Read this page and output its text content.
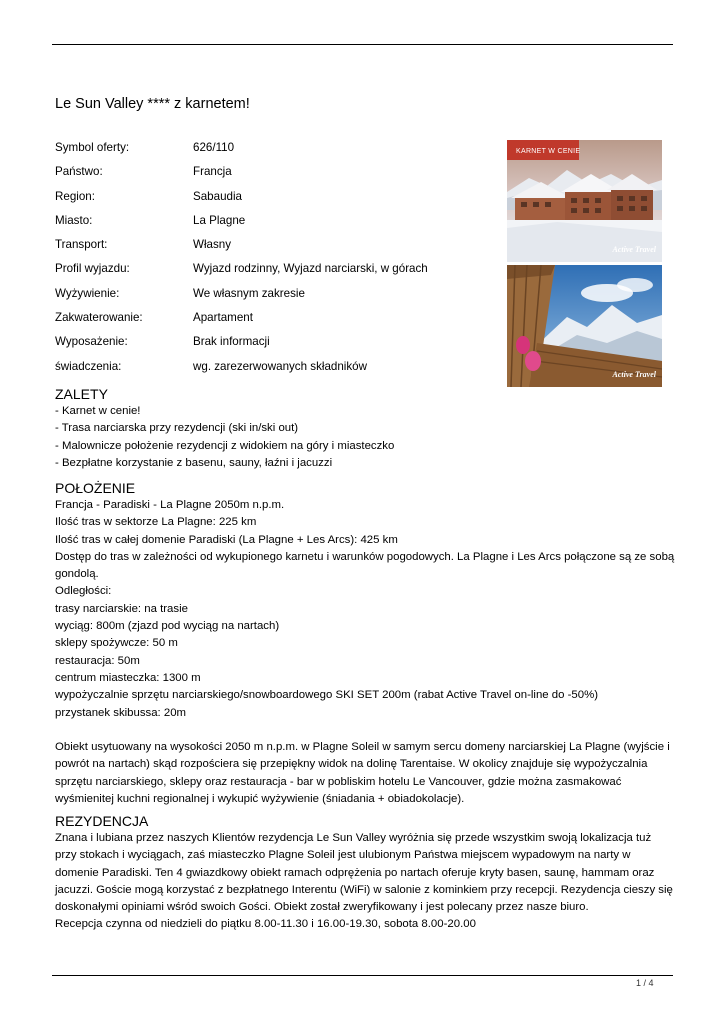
Le Sun Valley **** z karnetem!
Symbol oferty:	626/110
Państwo:	Francja
Region:	Sabaudia
Miasto:	La Plagne
Transport:	Własny
Profil wyjazdu:	Wyjazd rodzinny, Wyjazd narciarski, w górach
Wyżywienie:	We własnym zakresie
Zakwaterowanie:	Apartament
Wyposażenie:	Brak informacji
świadczenia:	wg. zarezerwowanych składników
KARNET W CENIE
Active Travel
Active Travel
ZALETY
- Karnet w cenie!
- Trasa narciarska przy rezydencji (ski in/ski out)
- Malownicze położenie rezydencji z widokiem na góry i miasteczko
- Bezpłatne korzystanie z basenu, sauny, łaźni i jacuzzi
POŁOŻENIE
Francja - Paradiski - La Plagne 2050m n.p.m.
Ilość tras w sektorze La Plagne: 225 km
Ilość tras w całej domenie Paradiski (La Plagne + Les Arcs): 425 km
Dostęp do tras w zależności od wykupionego karnetu i warunków pogodowych. La Plagne i Les Arcs połączone są ze sobą gondolą.
Odległości:
trasy narciarskie: na trasie
wyciąg: 800m (zjazd pod wyciąg na nartach)
sklepy spożywcze: 50 m
restauracja: 50m
centrum miasteczka: 1300 m
wypożyczalnie sprzętu narciarskiego/snowboardowego SKI SET 200m (rabat Active Travel on-line do -50%)
przystanek skibussa: 20m
Obiekt usytuowany na wysokości 2050 m n.p.m. w Plagne Soleil w samym sercu domeny narciarskiej La Plagne (wyjście i powrót na nartach) skąd rozpościera się przepiękny widok na dolinę Tarentaise. W okolicy znajduje się wypożyczalnia sprzętu narciarskiego, sklepy oraz restauracja - bar w pobliskim hotelu Le Vancouver, gdzie można zasmakować wyśmienitej kuchni regionalnej i wykupić wyżywienie (śniadania + obiadokolacje).
REZYDENCJA
Znana i lubiana przez naszych Klientów rezydencja Le Sun Valley wyróżnia się przede wszystkim swoją lokalizacja tuż przy stokach i wyciągach, zaś miasteczko Plagne Soleil jest ulubionym Państwa miejscem wypadowym na narty w domenie Paradiski. Ten 4 gwiazdkowy obiekt ramach odprężenia po nartach oferuje kryty basen, saunę, hammam oraz jacuzzi. Goście mogą korzystać z bezpłatnego Interentu (WiFi) w salonie z kominkiem przy recepcji. Rezydencja cieszy się doskonałymi opiniami wśród swoich Gości. Obiekt został zweryfikowany i jest polecany przez nasze biuro.
Recepcja czynna od niedzieli do piątku 8.00-11.30 i 16.00-19.30, sobota 8.00-20.00
1 / 4
